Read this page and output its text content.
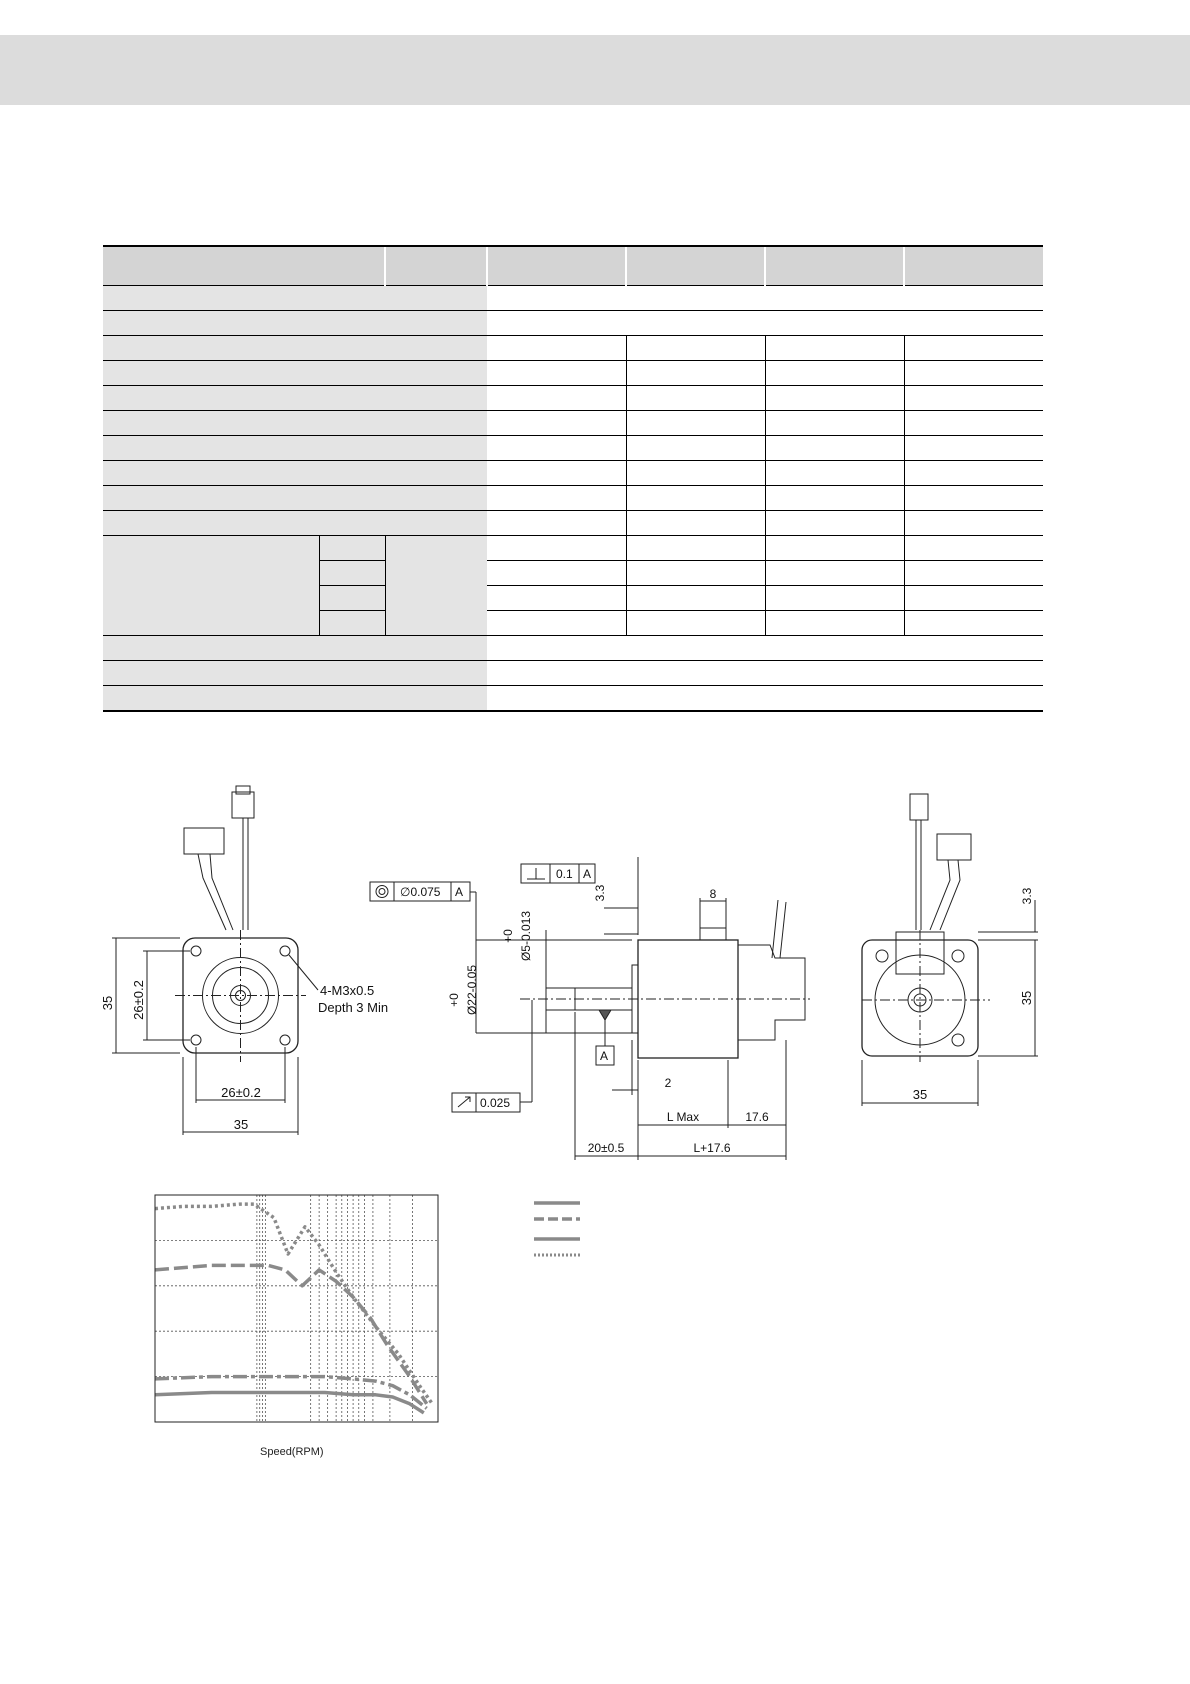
35 26±0.2
26±0.2
35
4-M3x0.5
Depth 3 Min
∅0.075 A
0.1 A
0.025
A
3.3	8
+0 Ø5-0.013
+0 Ø22-0.05
2
L Max	17.6
20±0.5	L+17.6
3.3
35
35
Speed(RPM)
